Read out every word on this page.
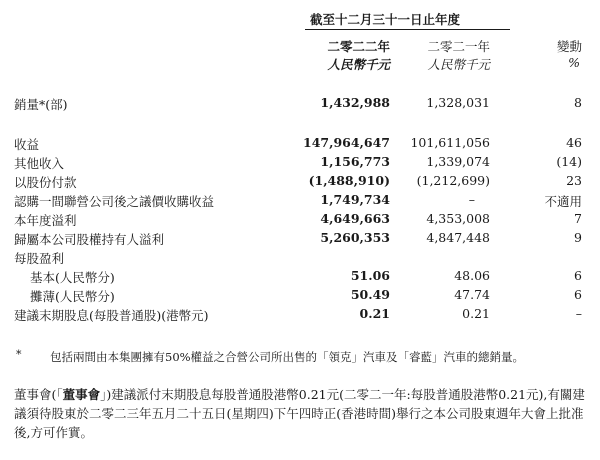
截至十二月三十一日止年度
二零二二年	二零二一年	變動
人民幣千元	人民幣千元	%
銷量*(部)	1,432,988	1,328,031	8
收益	147,964,647 101,611,056	46
其他收入	1,156,773	1,339,074	(14)
以股份付款	(1,488,910) (1,212,699)	23
認購一間聯營公司後之議價收購收益	1,749,734	–	不適用
本年度溢利	4,649,663	4,353,008	7
歸屬本公司股權持有人溢利	5,260,353	4,847,448	9
每股盈利
基本(人民幣分)	51.06	48.06	6
攤薄(人民幣分)	50.49	47.74	6
建議末期股息(每股普通股)(港幣元)	0.21	0.21	–
* 包括兩間由本集團擁有50%權益之合營公司所出售的「領克」汽車及「睿藍」汽車的總銷量。
董事會(「董事會」)建議派付末期股息每股普通股港幣0.21元(二零二一年:每股普通股港幣0.21元),有關建議須待股東於二零二三年五月二十五日(星期四)下午四時正(香港時間)舉行之本公司股東週年大會上批准後,方可作實。
